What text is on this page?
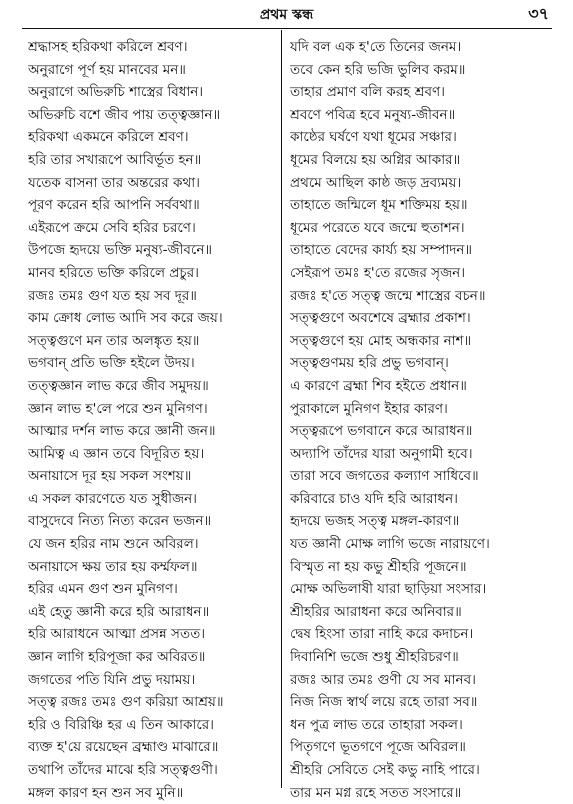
প্রথম স্কন্ধ	৩৭
শ্রদ্ধাসহ হরিকথা করিলে শ্রবণ।
অনুরাগে পূর্ণ হয় মানবের মন॥
অনুরাগে অভিরুচি শাস্ত্রের বিধান।
অভিরুচি বশে জীব পায় তত্ত্বজ্ঞান॥
হরিকথা একমনে করিলে শ্রবণ।
হরি তার সখারূপে আবির্ভূত হন॥
যতেক বাসনা তার অন্তরের কথা।
পূরণ করেন হরি আপনি সর্ববথা॥
এইরূপে ক্রমে সেবি হরির চরণে।
উপজে হৃদয়ে ভক্তি মনুষ্য-জীবনে॥
মানব হরিতে ভক্তি করিলে প্রচুর।
রজঃ তমঃ গুণ যত হয় সব দূর॥
কাম ক্রোধ লোভ আদি সব করে জয়।
সত্ত্বগুণে মন তার অলঙ্কৃত হয়॥
ভগবান্ প্রতি ভক্তি হইলে উদয়।
তত্ত্বজ্ঞান লাভ করে জীব সমুদয়॥
জ্ঞান লাভ হ'লে পরে শুন মুনিগণ।
আত্মার দর্শন লাভ করে জ্ঞানী জন॥
আমিত্ব এ জ্ঞান তবে বিদূরিত হয়।
অনায়াসে দূর হয় সকল সংশয়॥
এ সকল কারণেতে যত সুধীজন।
বাসুদেবে নিত্য নিত্য করেন ভজন॥
যে জন হরির নাম শুনে অবিরল।
অনায়াসে ক্ষয় তার হয় কর্ম্মফল॥
হরির এমন গুণ শুন মুনিগণ।
এই হেতু জ্ঞানী করে হরি আরাধন॥
হরি আরাধনে আত্মা প্রসন্ন সতত।
জ্ঞান লাগি হরিপূজা কর অবিরত॥
জগতের পতি যিনি প্রভু দয়াময়।
সত্ত্ব রজঃ তমঃ গুণ করিয়া আশ্রয়॥
হরি ও বিরিঞ্চি হর এ তিন আকারে।
ব্যক্ত হ'য়ে রয়েছেন ব্রহ্মাণ্ড মাঝারে॥
তথাপি তাঁদের মাঝে হরি সত্ত্বগুণী।
মঙ্গল কারণ হন শুন সব মুনি॥
যদি বল এক হ'তে তিনের জনম।
তবে কেন হরি ভজি ভুলিব করম॥
তাহার প্রমাণ বলি করহ শ্রবণ।
শ্রবণে পবিত্র হবে মনুষ্য-জীবন॥
কাষ্ঠের ঘর্ষণে যথা ধূমের সঞ্চার।
ধূমের বিলয়ে হয় অগ্নির আকার॥
প্রথমে আছিল কাষ্ঠ জড় দ্রব্যময়।
তাহাতে জন্মিলে ধূম শক্তিময় হয়॥
ধূমের পরেতে যবে জন্মে হুতাশন।
তাহাতে বেদের কার্য্য হয় সম্পাদন॥
সেইরূপ তমঃ হ'তে রজের সৃজন।
রজঃ হ'তে সত্ত্ব জন্মে শাস্ত্রের বচন॥
সত্ত্বগুণে অবশেষে ব্রহ্মার প্রকাশ।
সত্ত্বগুণে হয় মোহ অন্ধকার নাশ॥
সত্ত্বগুণময় হরি প্রভু ভগবান্।
এ কারণে ব্রহ্মা শিব হইতে প্রধান॥
পুরাকালে মুনিগণ ইহার কারণ।
সত্ত্বরূপে ভগবানে করে আরাধন॥
অদ্যাপি তাঁদের যারা অনুগামী হবে।
তারা সবে জগতের কল্যাণ সাধিবে॥
করিবারে চাও যদি হরি আরাধন।
হৃদয়ে ভজহ সত্ত্ব মঙ্গল-কারণ॥
যত জ্ঞানী মোক্ষ লাগি ভজে নারায়ণে।
বিস্মৃত না হয় কভু শ্রীহরি পূজনে॥
মোক্ষ অভিলাষী যারা ছাড়িয়া সংসার।
শ্রীহরির আরাধনা করে অনিবার॥
দ্বেষ হিংসা তারা নাহি করে কদাচন।
দিবানিশি ভজে শুধু শ্রীহরিচরণ॥
রজঃ আর তমঃ গুণী যে সব মানব।
নিজ নিজ স্বার্থ লয়ে রহে তারা সব॥
ধন পুত্র লাভ তরে তাহারা সকল।
পিতৃগণে ভূতগণে পূজে অবিরল॥
শ্রীহরি সেবিতে সেই কভু নাহি পারে।
তার মন মগ্ন রহে সতত সংসারে॥
